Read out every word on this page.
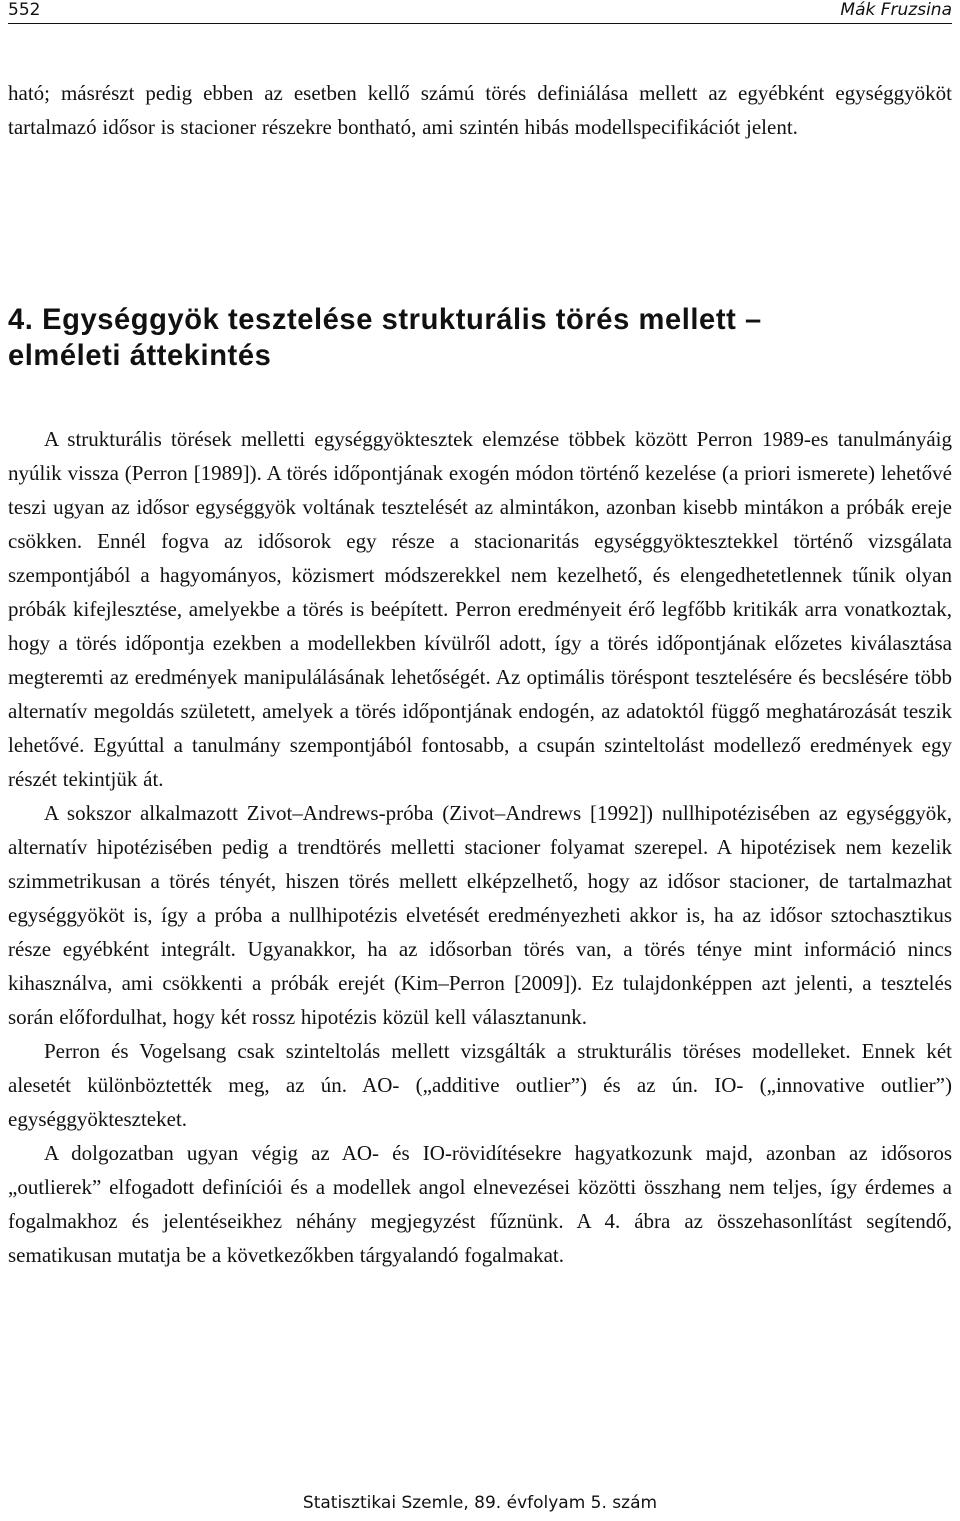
552	Mák Fruzsina

ható; másrészt pedig ebben az esetben kellő számú törés definiálása mellett az egyébként egységgyököt tartalmazó idősor is stacioner részekre bontható, ami szintén hibás modellspecifikációt jelent.

4. Egységgyök tesztelése strukturális törés mellett –
elméleti áttekintés

A strukturális törések melletti egységgyöktesztek elemzése többek között Perron 1989-es tanulmányáig nyúlik vissza (Perron [1989]). A törés időpontjának exogén módon történő kezelése (a priori ismerete) lehetővé teszi ugyan az idősor egységgyök voltának tesztelését az almintákon, azonban kisebb mintákon a próbák ereje csökken. Ennél fogva az idősorok egy része a stacionaritás egységgyöktesztekkel történő vizsgálata szempontjából a hagyományos, közismert módszerekkel nem kezelhető, és elengedhetetlennek tűnik olyan próbák kifejlesztése, amelyekbe a törés is beépített. Perron eredményeit érő legfőbb kritikák arra vonatkoztak, hogy a törés időpontja ezekben a modellekben kívülről adott, így a törés időpontjának előzetes kiválasztása megteremti az eredmények manipulálásának lehetőségét. Az optimális töréspont tesztelésére és becslésére több alternatív megoldás született, amelyek a törés időpontjának endogén, az adatoktól függő meghatározását teszik lehetővé. Egyúttal a tanulmány szempontjából fontosabb, a csupán szinteltolást modellező eredmények egy részét tekintjük át.

A sokszor alkalmazott Zivot–Andrews-próba (Zivot–Andrews [1992]) nullhipotézisében az egységgyök, alternatív hipotézisében pedig a trendtörés melletti stacioner folyamat szerepel. A hipotézisek nem kezelik szimmetrikusan a törés tényét, hiszen törés mellett elképzelhető, hogy az idősor stacioner, de tartalmazhat egységgyököt is, így a próba a nullhipotézis elvetését eredményezheti akkor is, ha az idősor sztochasztikus része egyébként integrált. Ugyanakkor, ha az idősorban törés van, a törés ténye mint információ nincs kihasználva, ami csökkenti a próbák erejét (Kim–Perron [2009]). Ez tulajdonképpen azt jelenti, a tesztelés során előfordulhat, hogy két rossz hipotézis közül kell választanunk.

Perron és Vogelsang csak szinteltolás mellett vizsgálták a strukturális töréses modelleket. Ennek két alesetét különböztették meg, az ún. AO- („additive outlier”) és az ún. IO- („innovative outlier”) egységgyökteszteket.

A dolgozatban ugyan végig az AO- és IO-rövidítésekre hagyatkozunk majd, azonban az idősoros „outlierek” elfogadott definíciói és a modellek angol elnevezései közötti összhang nem teljes, így érdemes a fogalmakhoz és jelentéseikhez néhány megjegyzést fűznünk. A 4. ábra az összehasonlítást segítendő, sematikusan mutatja be a következőkben tárgyalandó fogalmakat.

Statisztikai Szemle, 89. évfolyam 5. szám
